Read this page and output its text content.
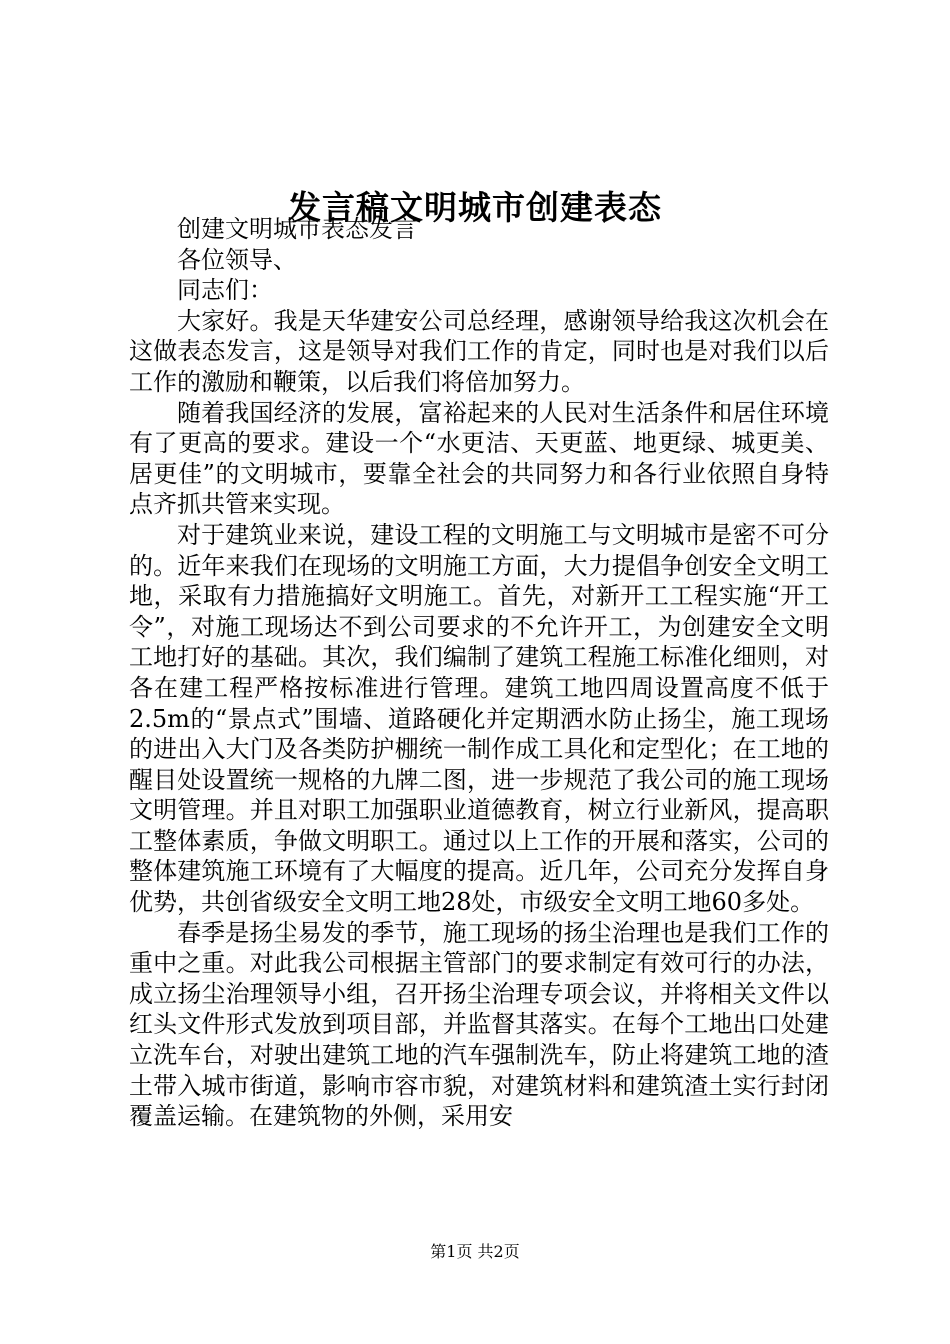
发言稿文明城市创建表态

创建文明城市表态发言

各位领导、

同志们：

大家好。我是天华建安公司总经理，感谢领导给我这次机会在这做表态发言，这是领导对我们工作的肯定，同时也是对我们以后工作的激励和鞭策，以后我们将倍加努力。

随着我国经济的发展，富裕起来的人民对生活条件和居住环境有了更高的要求。建设一个“水更洁、天更蓝、地更绿、城更美、居更佳”的文明城市，要靠全社会的共同努力和各行业依照自身特点齐抓共管来实现。

对于建筑业来说，建设工程的文明施工与文明城市是密不可分的。近年来我们在现场的文明施工方面，大力提倡争创安全文明工地，采取有力措施搞好文明施工。首先，对新开工工程实施“开工令”，对施工现场达不到公司要求的不允许开工，为创建安全文明工地打好的基础。其次，我们编制了建筑工程施工标准化细则，对各在建工程严格按标准进行管理。建筑工地四周设置高度不低于2.5m的“景点式”围墙、道路硬化并定期洒水防止扬尘，施工现场的进出入大门及各类防护棚统一制作成工具化和定型化；在工地的醒目处设置统一规格的九牌二图，进一步规范了我公司的施工现场文明管理。并且对职工加强职业道德教育，树立行业新风，提高职工整体素质，争做文明职工。通过以上工作的开展和落实，公司的整体建筑施工环境有了大幅度的提高。近几年，公司充分发挥自身优势，共创省级安全文明工地28处，市级安全文明工地60多处。

春季是扬尘易发的季节，施工现场的扬尘治理也是我们工作的重中之重。对此我公司根据主管部门的要求制定有效可行的办法，成立扬尘治理领导小组，召开扬尘治理专项会议，并将相关文件以红头文件形式发放到项目部，并监督其落实。在每个工地出口处建立洗车台，对驶出建筑工地的汽车强制洗车，防止将建筑工地的渣土带入城市街道，影响市容市貌，对建筑材料和建筑渣土实行封闭覆盖运输。在建筑物的外侧，采用安

第1页 共2页
